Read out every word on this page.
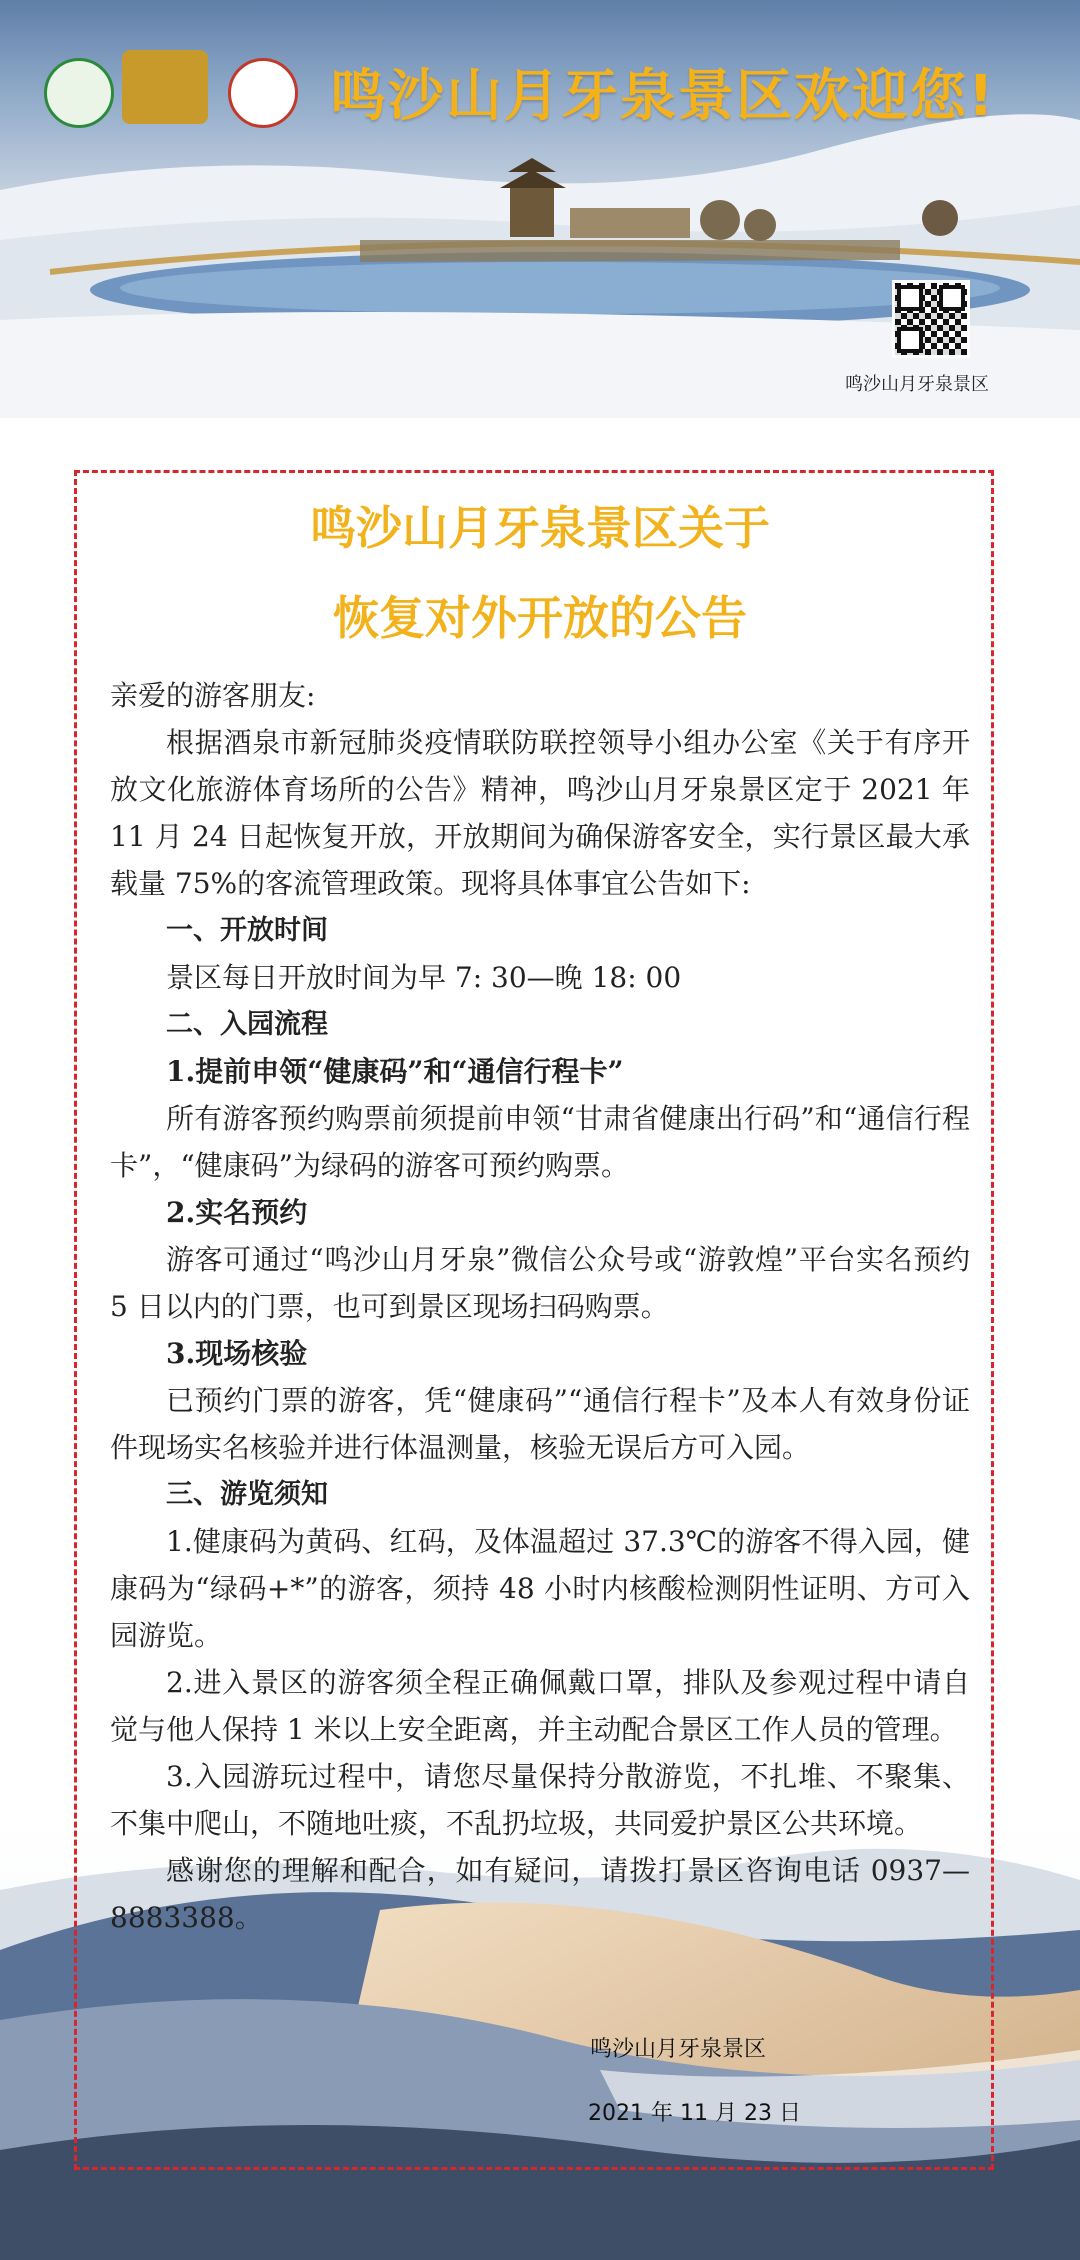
鸣沙山月牙泉景区欢迎您!
鸣沙山月牙泉景区
鸣沙山月牙泉景区关于
恢复对外开放的公告

亲爱的游客朋友:

根据酒泉市新冠肺炎疫情联防联控领导小组办公室《关于有序开放文化旅游体育场所的公告》精神，鸣沙山月牙泉景区定于 2021 年 11 月 24 日起恢复开放，开放期间为确保游客安全，实行景区最大承载量 75%的客流管理政策。现将具体事宜公告如下:

一、开放时间

景区每日开放时间为早 7: 30—晚 18: 00

二、入园流程

1.提前申领“健康码”和“通信行程卡”

所有游客预约购票前须提前申领“甘肃省健康出行码”和“通信行程卡”，“健康码”为绿码的游客可预约购票。

2.实名预约

游客可通过“鸣沙山月牙泉”微信公众号或“游敦煌”平台实名预约 5 日以内的门票，也可到景区现场扫码购票。

3.现场核验

已预约门票的游客，凭“健康码”“通信行程卡”及本人有效身份证件现场实名核验并进行体温测量，核验无误后方可入园。

三、游览须知

1.健康码为黄码、红码，及体温超过 37.3℃的游客不得入园，健康码为“绿码+*”的游客，须持 48 小时内核酸检测阴性证明、方可入园游览。

2.进入景区的游客须全程正确佩戴口罩，排队及参观过程中请自觉与他人保持 1 米以上安全距离，并主动配合景区工作人员的管理。

3.入园游玩过程中，请您尽量保持分散游览，不扎堆、不聚集、不集中爬山，不随地吐痰，不乱扔垃圾，共同爱护景区公共环境。

感谢您的理解和配合，如有疑问，请拨打景区咨询电话 0937—8883388。

鸣沙山月牙泉景区
2021 年 11 月 23 日
